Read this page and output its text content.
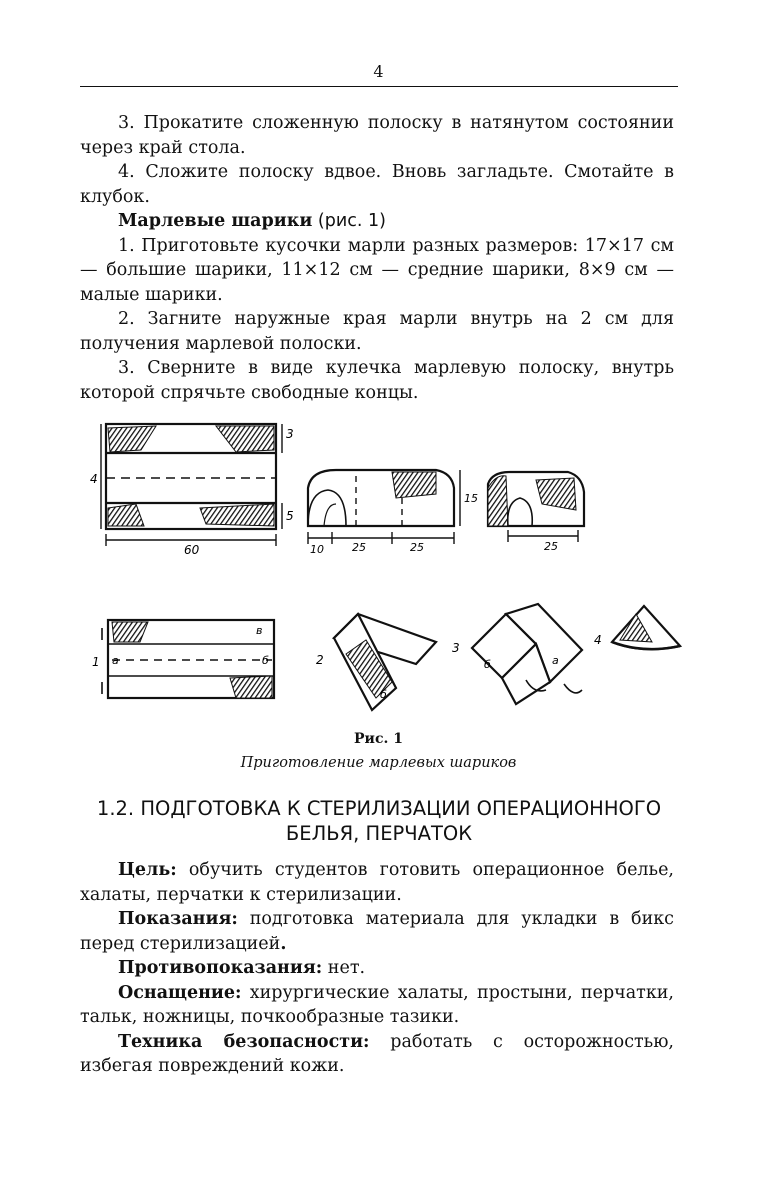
4

3. Прокатите сложенную полоску в натянутом состоянии через край стола.

4. Сложите полоску вдвое. Вновь загладьте. Смотайте в клубок.

Марлевые шарики (рис. 1)

1. Приготовьте кусочки марли разных размеров: 17×17 см — большие шарики, 11×12 см — средние шарики, 8×9 см — малые шарики.

2. Загните наружные края марли внутрь на 2 см для получения марлевой полоски.

3. Сверните в виде кулечка марлевую полоску, внутрь которой спрячьте свободные концы.

3
4
60
5
10	25	25
15
25
1 а	б
в
2
б
3
б	а
4
Рис. 1
Приготовление марлевых шариков
1.2. ПОДГОТОВКА К СТЕРИЛИЗАЦИИ ОПЕРАЦИОННОГО БЕЛЬЯ, ПЕРЧАТОК

Цель: обучить студентов готовить операционное белье, халаты, перчатки к стерилизации.

Показания: подготовка материала для укладки в бикс перед стерилизацией.

Противопоказания: нет.

Оснащение: хирургические халаты, простыни, перчатки, тальк, ножницы, почкообразные тазики.

Техника безопасности: работать с осторожностью, избегая повреждений кожи.
